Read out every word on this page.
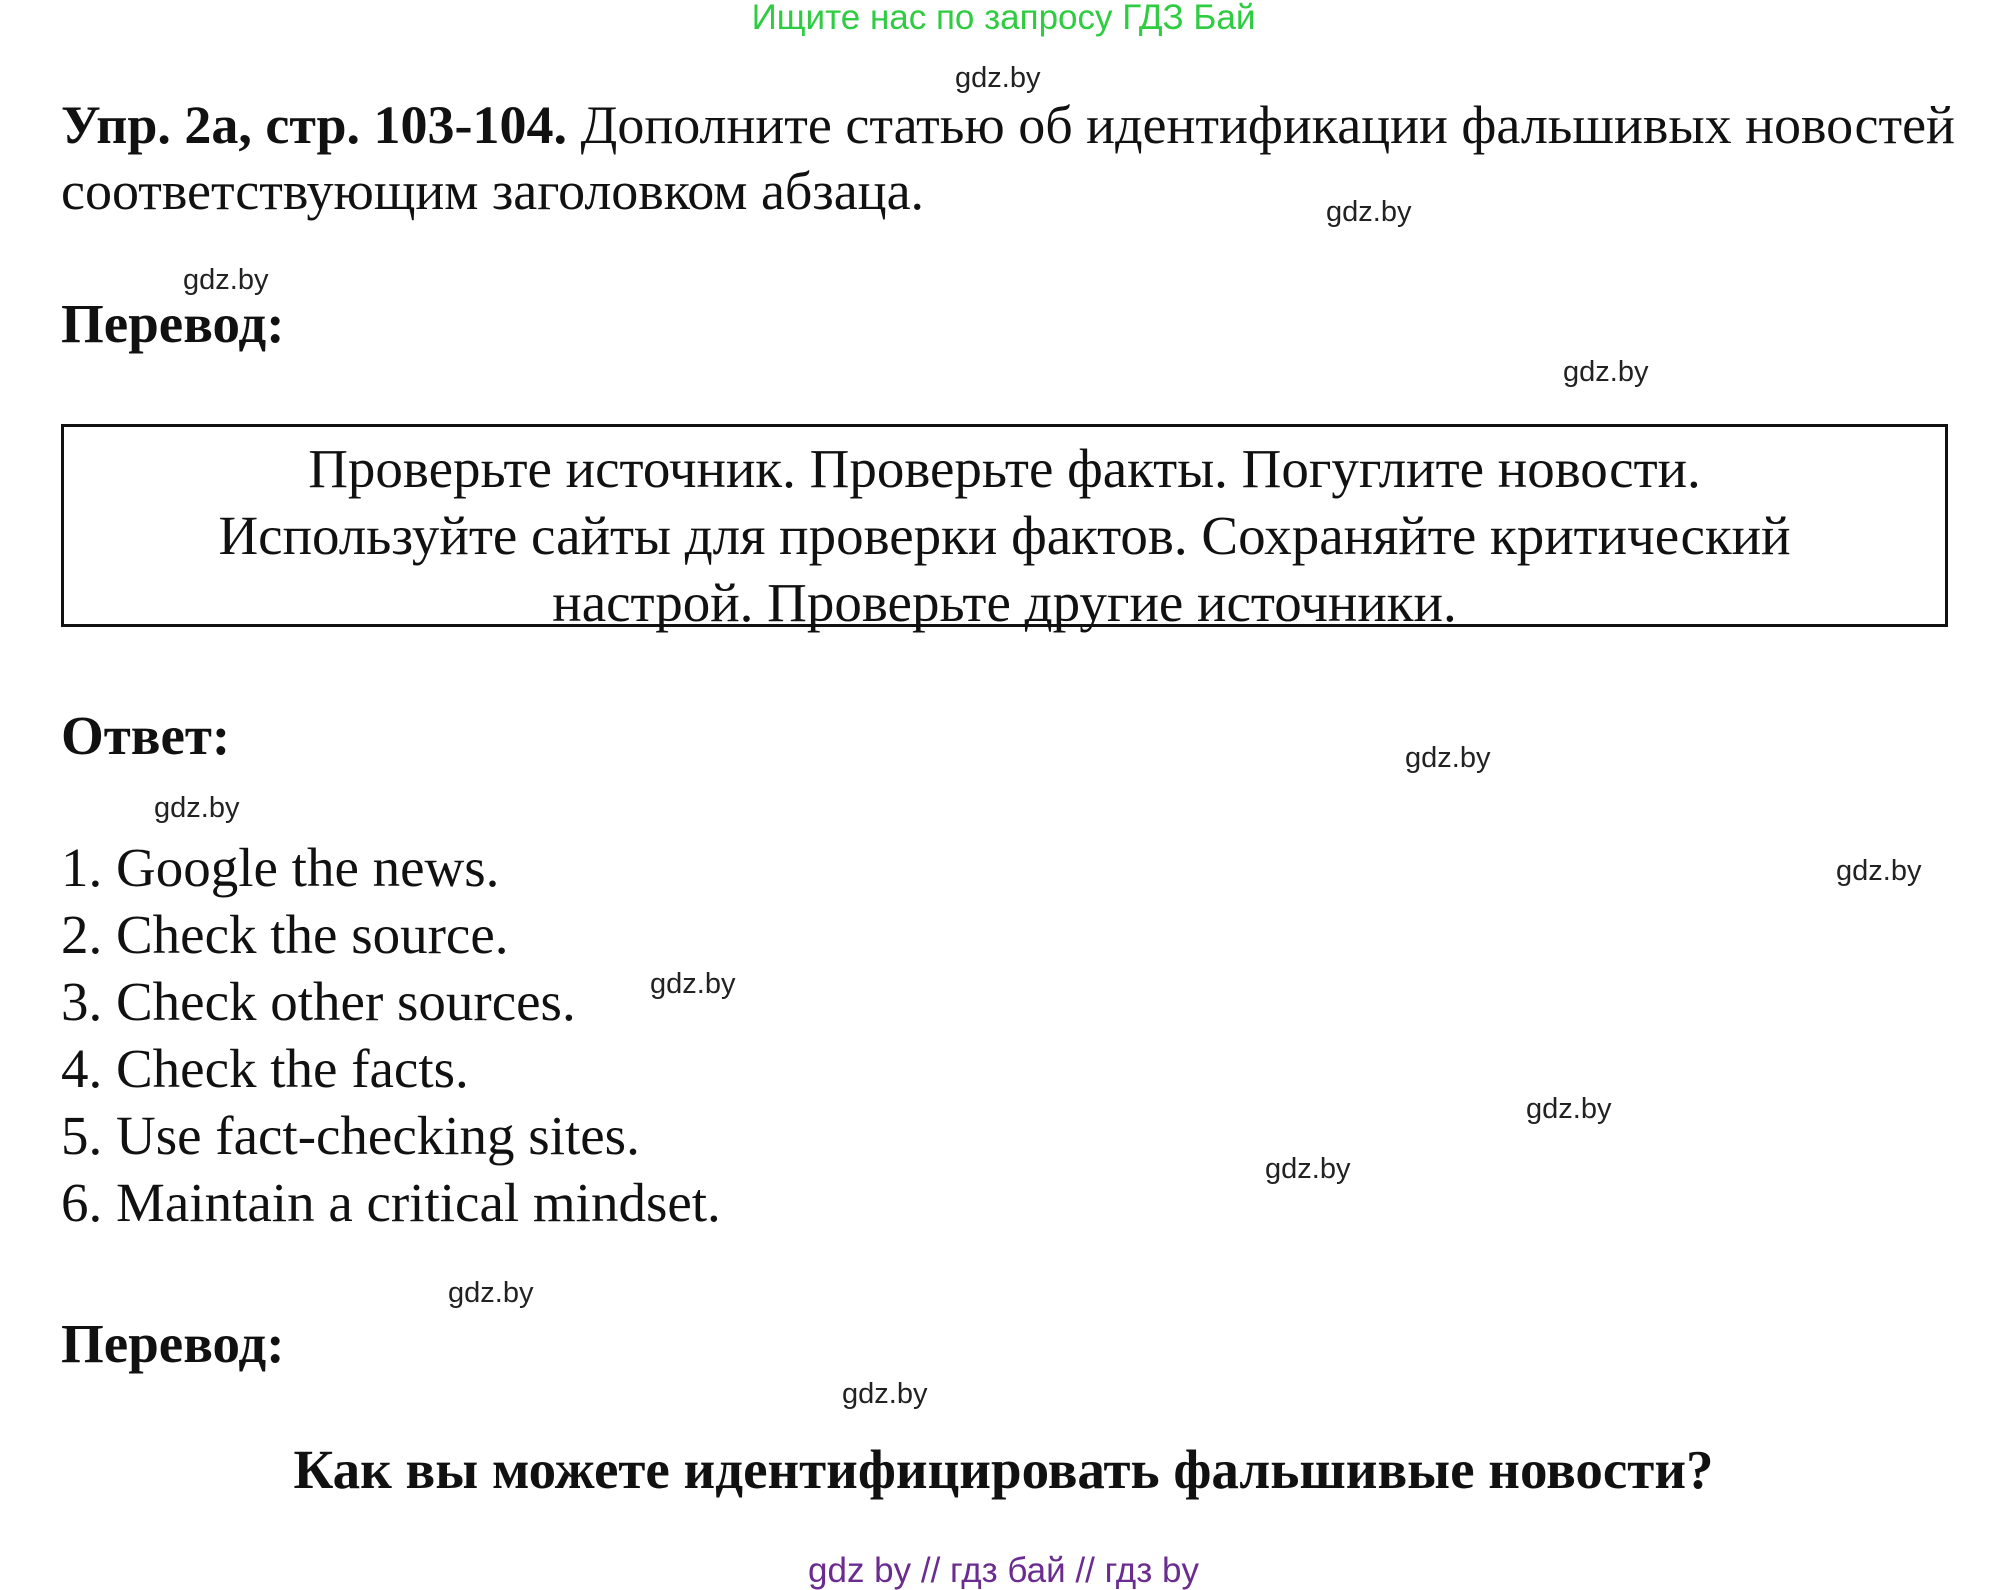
Ищите нас по запросу ГДЗ Бай
Упр. 2а, стр. 103-104. Дополните статью об идентификации фальшивых новостей соответствующим заголовком абзаца.
Перевод:
Проверьте источник. Проверьте факты. Погуглите новости.
Используйте сайты для проверки фактов. Сохраняйте критический
настрой. Проверьте другие источники.
Ответ:
1. Google the news.
2. Check the source.
3. Check other sources.
4. Check the facts.
5. Use fact-checking sites.
6. Maintain a critical mindset.
Перевод:
Как вы можете идентифицировать фальшивые новости?
gdz.by
gdz.by
gdz.by
gdz.by
gdz.by
gdz.by
gdz.by
gdz.by
gdz.by
gdz.by
gdz.by
gdz.by
gdz by // гдз бай // гдз by
